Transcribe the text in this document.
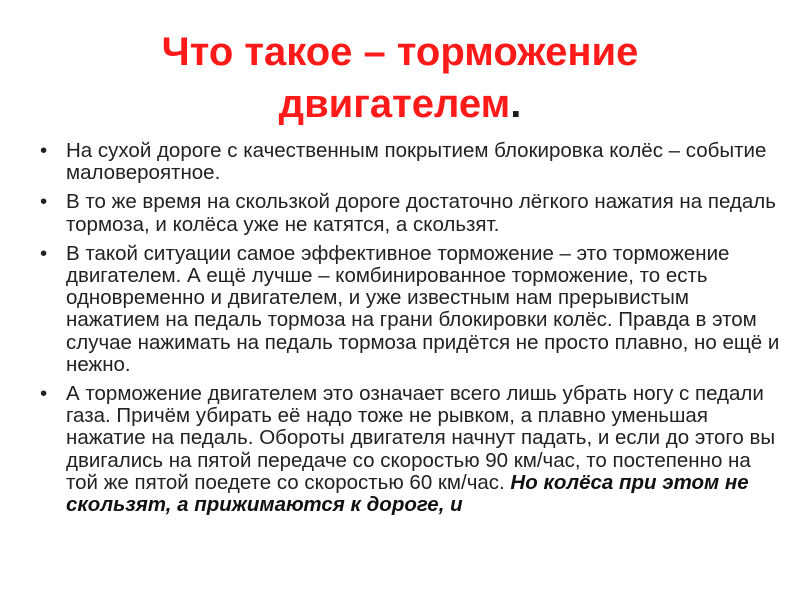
Что такое – торможение
двигателем.
• На сухой дороге с качественным покрытием блокировка колёс – событие маловероятное.
• В то же время на скользкой дороге достаточно лёгкого нажатия на педаль тормоза, и колёса уже не катятся, а скользят.
• В такой ситуации самое эффективное торможение – это торможение двигателем. А ещё лучше – комбинированное торможение, то есть одновременно и двигателем, и уже известным нам прерывистым нажатием на педаль тормоза на грани блокировки колёс. Правда в этом случае нажимать на педаль тормоза придётся не просто плавно, но ещё и нежно.
• А торможение двигателем это означает всего лишь убрать ногу с педали газа. Причём убирать её надо тоже не рывком, а плавно уменьшая нажатие на педаль. Обороты двигателя начнут падать, и если до этого вы двигались на пятой передаче со скоростью 90 км/час, то постепенно на той же пятой поедете со скоростью 60 км/час. Но колёса при этом не скользят, а прижимаются к дороге, и
